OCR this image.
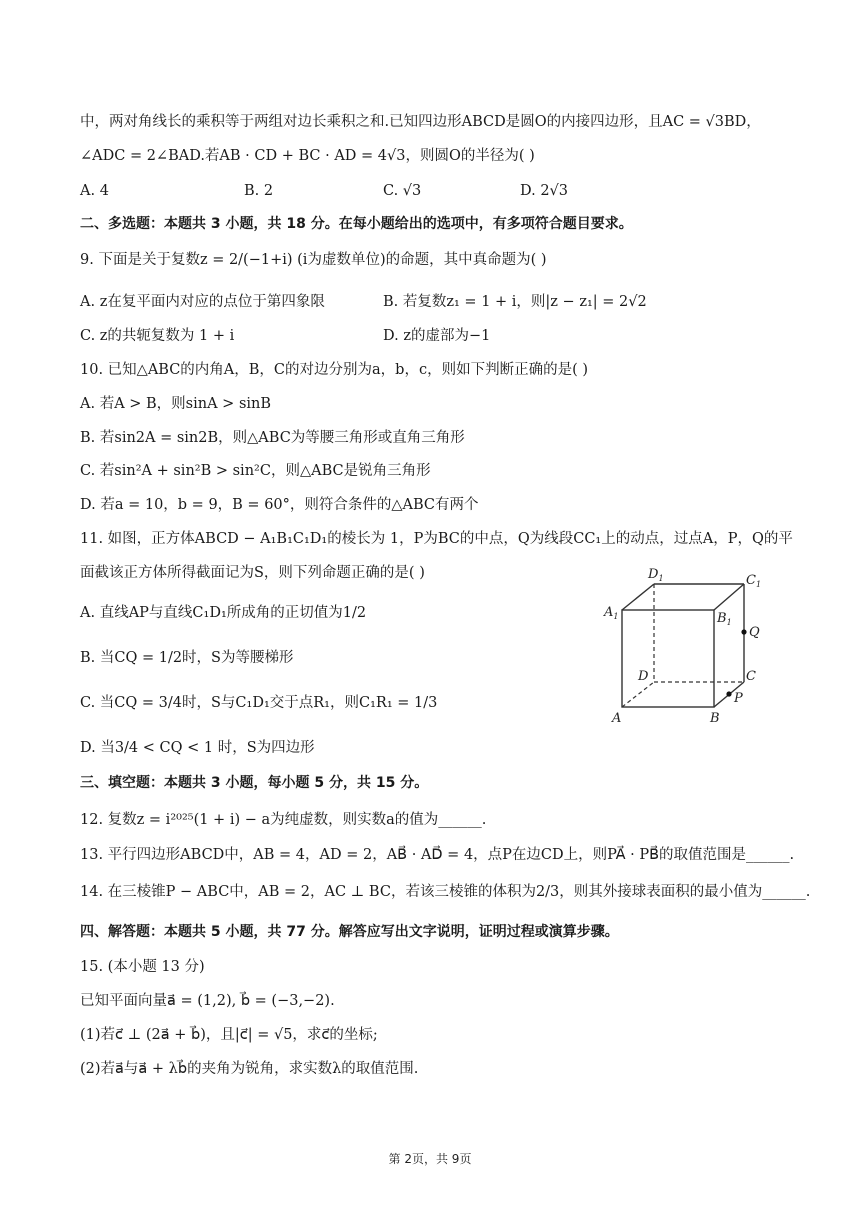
中，两对角线长的乘积等于两组对边长乘积之和.已知四边形ABCD是圆O的内接四边形，且AC = √3BD，
∠ADC = 2∠BAD.若AB · CD + BC · AD = 4√3，则圆O的半径为( )
A. 4	B. 2	C. √3	D. 2√3
二、多选题：本题共 3 小题，共 18 分。在每小题给出的选项中，有多项符合题目要求。
9. 下面是关于复数z = 2/(−1+i) (i为虚数单位)的命题，其中真命题为( )
A. z在复平面内对应的点位于第四象限	B. 若复数z₁ = 1 + i，则|z − z₁| = 2√2
C. z的共轭复数为 1 + i	D. z的虚部为−1
10. 已知△ABC的内角A，B，C的对边分别为a，b，c，则如下判断正确的是( )
A. 若A > B，则sinA > sinB
B. 若sin2A = sin2B，则△ABC为等腰三角形或直角三角形
C. 若sin²A + sin²B > sin²C，则△ABC是锐角三角形
D. 若a = 10，b = 9，B = 60°，则符合条件的△ABC有两个
11. 如图，正方体ABCD − A₁B₁C₁D₁的棱长为 1，P为BC的中点，Q为线段CC₁上的动点，过点A，P，Q的平
面截该正方体所得截面记为S，则下列命题正确的是( )
A. 直线AP与直线C₁D₁所成角的正切值为1/2
B. 当CQ = 1/2时，S为等腰梯形
C. 当CQ = 3/4时，S与C₁D₁交于点R₁，则C₁R₁ = 1/3
D. 当3/4 < CQ < 1 时，S为四边形
$D_1$	$C_1$
$A_1$	$B_1$
Q
D	C
P
A	B
三、填空题：本题共 3 小题，每小题 5 分，共 15 分。
12. 复数z = i²⁰²⁵(1 + i) − a为纯虚数，则实数a的值为______.
13. 平行四边形ABCD中，AB = 4，AD = 2，AB⃗ · AD⃗ = 4，点P在边CD上，则PA⃗ · PB⃗的取值范围是______.
14. 在三棱锥P − ABC中，AB = 2，AC ⊥ BC，若该三棱锥的体积为2/3，则其外接球表面积的最小值为______.
四、解答题：本题共 5 小题，共 77 分。解答应写出文字说明，证明过程或演算步骤。
15. (本小题 13 分)
已知平面向量a⃗ = (1,2), b⃗ = (−3,−2).
(1)若c⃗ ⊥ (2a⃗ + b⃗)，且|c⃗| = √5，求c⃗的坐标;
(2)若a⃗与a⃗ + λb⃗的夹角为锐角，求实数λ的取值范围.
第 2页，共 9页
